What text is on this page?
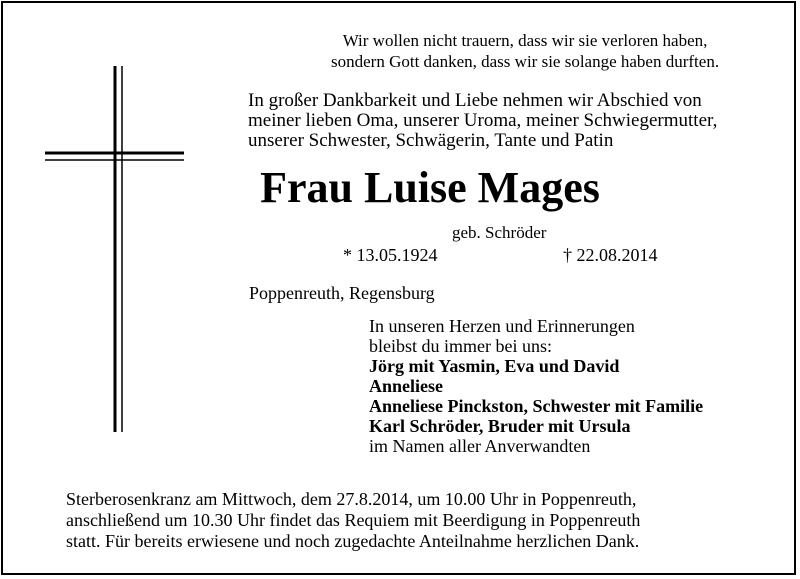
Wir wollen nicht trauern, dass wir sie verloren haben,
sondern Gott danken, dass wir sie solange haben durften.
In großer Dankbarkeit und Liebe nehmen wir Abschied von
meiner lieben Oma, unserer Uroma, meiner Schwiegermutter,
unserer Schwester, Schwägerin, Tante und Patin
Frau Luise Mages
geb. Schröder
* 13.05.1924	† 22.08.2014
Poppenreuth, Regensburg
In unseren Herzen und Erinnerungen
bleibst du immer bei uns:
Jörg mit Yasmin, Eva und David
Anneliese
Anneliese Pinckston, Schwester mit Familie
Karl Schröder, Bruder mit Ursula
im Namen aller Anverwandten
Sterberosenkranz am Mittwoch, dem 27.8.2014, um 10.00 Uhr in Poppenreuth,
anschließend um 10.30 Uhr findet das Requiem mit Beerdigung in Poppenreuth
statt. Für bereits erwiesene und noch zugedachte Anteilnahme herzlichen Dank.
